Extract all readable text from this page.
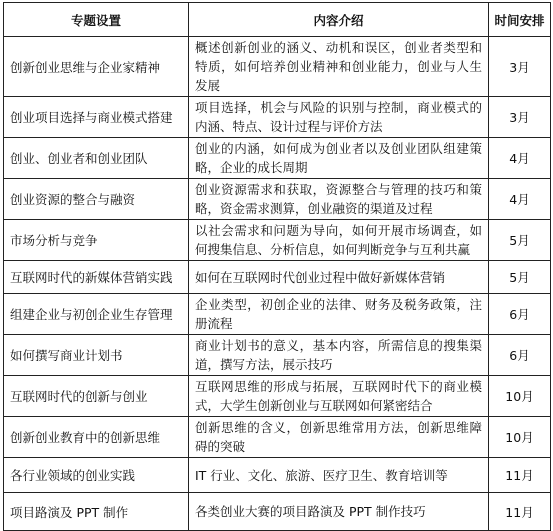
专题设置	内容介绍	时间安排
创新创业思维与企业家精神	概述创新创业的涵义、动机和误区，创业者类型和特质，如何培养创业精神和创业能力，创业与人生发展	3月
创业项目选择与商业模式搭建	项目选择，机会与风险的识别与控制，商业模式的内涵、特点、设计过程与评价方法	3月
创业、创业者和创业团队	创业的内涵，如何成为创业者以及创业团队组建策略，企业的成长周期	4月
创业资源的整合与融资	创业资源需求和获取，资源整合与管理的技巧和策略，资金需求测算，创业融资的渠道及过程	4月
市场分析与竞争	以社会需求和问题为导向，如何开展市场调查，如何搜集信息、分析信息，如何判断竞争与互利共赢	5月
互联网时代的新媒体营销实践	如何在互联网时代创业过程中做好新媒体营销	5月
组建企业与初创企业生存管理	企业类型，初创企业的法律、财务及税务政策，注册流程	6月
如何撰写商业计划书	商业计划书的意义，基本内容，所需信息的搜集渠道，撰写方法，展示技巧	6月
互联网时代的创新与创业	互联网思维的形成与拓展，互联网时代下的商业模式，大学生创新创业与互联网如何紧密结合	10月
创新创业教育中的创新思维	创新思维的含义，创新思维常用方法，创新思维障碍的突破	10月
各行业领域的创业实践	IT 行业、文化、旅游、医疗卫生、教育培训等	11月
项目路演及 PPT 制作	各类创业大赛的项目路演及 PPT 制作技巧	11月
